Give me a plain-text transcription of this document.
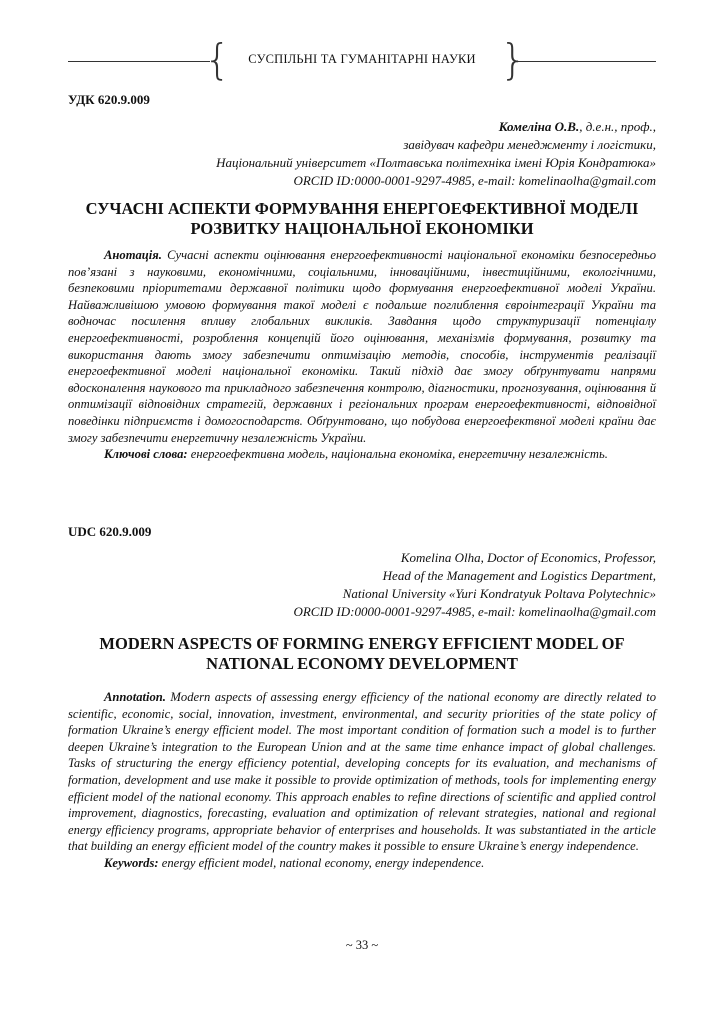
{	СУСПІЛЬНІ ТА ГУМАНІТАРНІ НАУКИ }
УДК 620.9.009
Комеліна О.В., д.е.н., проф.,
завідувач кафедри менеджменту і логістики,
Національний університет «Полтавська політехніка імені Юрія Кондратюка»
ORCID ID:0000-0001-9297-4985, e-mail: komelinaolha@gmail.com
СУЧАСНІ АСПЕКТИ ФОРМУВАННЯ ЕНЕРГОЕФЕКТИВНОЇ МОДЕЛІ
РОЗВИТКУ НАЦІОНАЛЬНОЇ ЕКОНОМІКИ

Анотація. Сучасні аспекти оцінювання енергоефективності національної економіки безпосередньо пов’язані з науковими, економічними, соціальними, інноваційними, інвестиційними, екологічними, безпековими пріоритетами державної політики щодо формування енергоефективної моделі України. Найважливішою умовою формування такої моделі є подальше поглиблення євроінтеграції України та водночас посилення впливу глобальних викликів. Завдання щодо структуризації потенціалу енергоефективності, розроблення концепцій його оцінювання, механізмів формування, розвитку та використання дають змогу забезпечити оптимізацію методів, способів, інструментів реалізації енергоефективної моделі національної економіки. Такий підхід дає змогу обґрунтувати напрями вдосконалення наукового та прикладного забезпечення контролю, діагностики, прогнозування, оцінювання й оптимізації відповідних стратегій, державних і регіональних програм енергоефективності, відповідної поведінки підприємств і домогосподарств. Обґрунтовано, що побудова енергоефектвної моделі країни дає змогу забезпечити енергетичну незалежність України.

Ключові слова: енергоефективна модель, національна економіка, енергетичну незалежність.

UDC 620.9.009
Komelina Olha, Doctor of Economics, Professor,
Head of the Management and Logistics Department,
National University «Yuri Kondratyuk Poltava Polytechnic»
ORCID ID:0000-0001-9297-4985, e-mail: komelinaolha@gmail.com
MODERN ASPECTS OF FORMING ENERGY EFFICIENT MODEL OF
NATIONAL ECONOMY DEVELOPMENT

Annotation. Modern aspects of assessing energy efficiency of the national economy are directly related to scientific, economic, social, innovation, investment, environmental, and security priorities of the state policy of formation Ukraine’s energy efficient model. The most important condition of formation such a model is to further deepen Ukraine’s integration to the European Union and at the same time enhance impact of global challenges. Tasks of structuring the energy efficiency potential, developing concepts for its evaluation, and mechanisms of formation, development and use make it possible to provide optimization of methods, tools for implementing energy efficient model of the national economy. This approach enables to refine directions of scientific and applied control improvement, diagnostics, forecasting, evaluation and optimization of relevant strategies, national and regional energy efficiency programs, appropriate behavior of enterprises and households. It was substantiated in the article that building an energy efficient model of the country makes it possible to ensure Ukraine’s energy independence.

Keywords: energy efficient model, national economy, energy independence.

~ 33 ~
